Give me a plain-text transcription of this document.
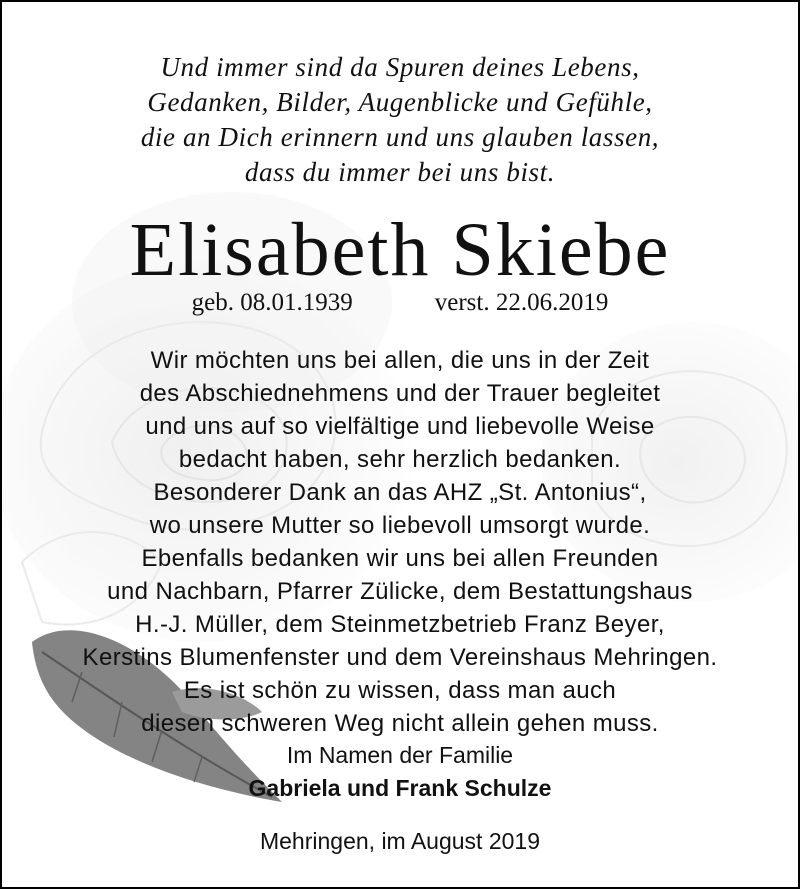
Und immer sind da Spuren deines Lebens,
Gedanken, Bilder, Augenblicke und Gefühle,
die an Dich erinnern und uns glauben lassen,
dass du immer bei uns bist.
Elisabeth Skiebe
geb. 08.01.1939	verst. 22.06.2019
Wir möchten uns bei allen, die uns in der Zeit
des Abschiednehmens und der Trauer begleitet
und uns auf so vielfältige und liebevolle Weise
bedacht haben, sehr herzlich bedanken.
Besonderer Dank an das AHZ „St. Antonius“,
wo unsere Mutter so liebevoll umsorgt wurde.
Ebenfalls bedanken wir uns bei allen Freunden
und Nachbarn, Pfarrer Zülicke, dem Bestattungshaus
H.-J. Müller, dem Steinmetzbetrieb Franz Beyer,
Kerstins Blumenfenster und dem Vereinshaus Mehringen.
Es ist schön zu wissen, dass man auch
diesen schweren Weg nicht allein gehen muss.
Im Namen der Familie
Gabriela und Frank Schulze
Mehringen, im August 2019
